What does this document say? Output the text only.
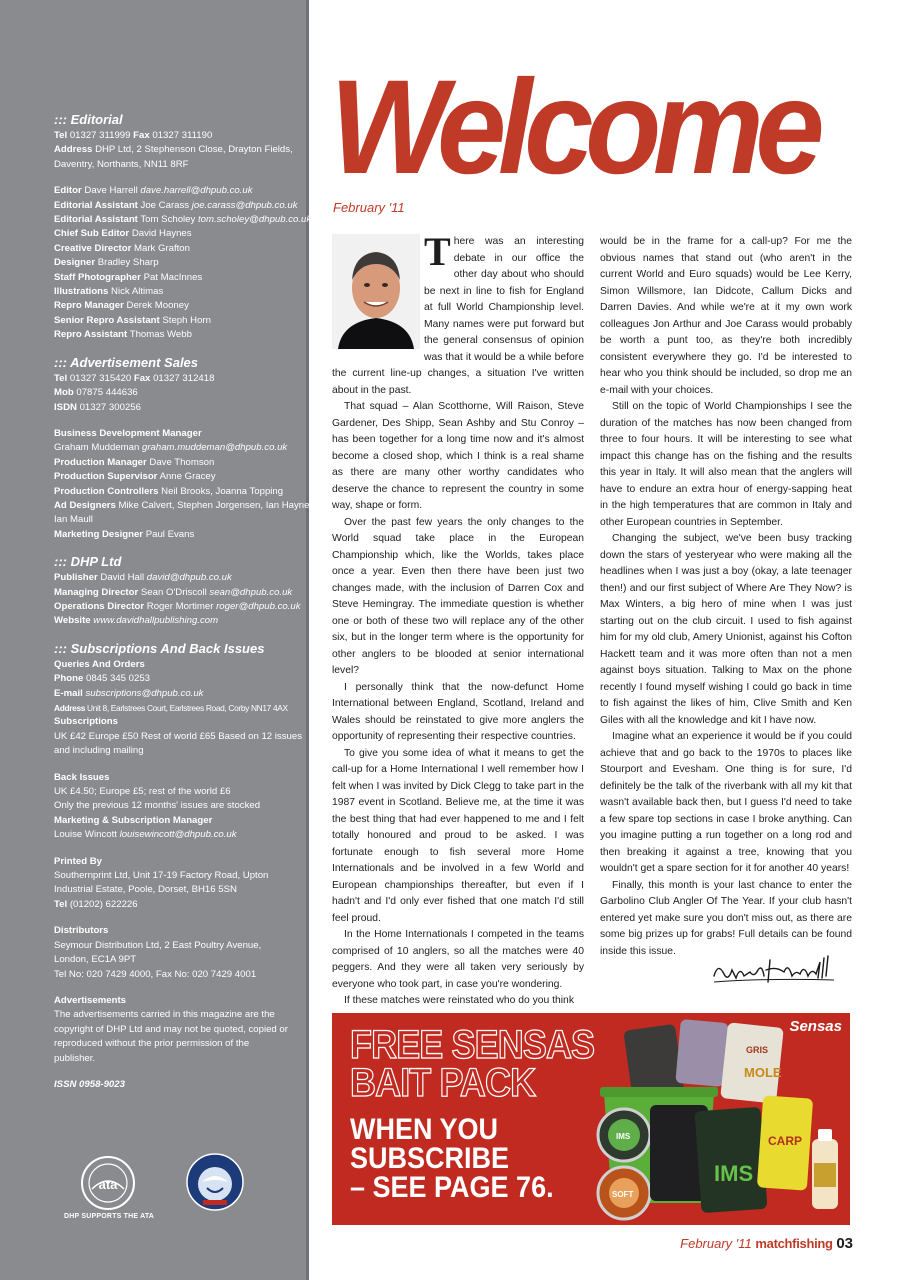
::: Editorial
Tel 01327 311999 Fax 01327 311190
Address DHP Ltd, 2 Stephenson Close, Drayton Fields,
Daventry, Northants, NN11 8RF
Editor Dave Harrell dave.harrell@dhpub.co.uk
Editorial Assistant Joe Carass joe.carass@dhpub.co.uk
Editorial Assistant Tom Scholey tom.scholey@dhpub.co.uk
Chief Sub Editor David Haynes
Creative Director Mark Grafton
Designer Bradley Sharp
Staff Photographer Pat MacInnes
Illustrations Nick Altimas
Repro Manager Derek Mooney
Senior Repro Assistant Steph Horn
Repro Assistant Thomas Webb
::: Advertisement Sales
Tel 01327 315420 Fax 01327 312418
Mob 07875 444636
ISDN 01327 300256
Business Development Manager
Graham Muddeman graham.muddeman@dhpub.co.uk
Production Manager Dave Thomson
Production Supervisor Anne Gracey
Production Controllers Neil Brooks, Joanna Topping
Ad Designers Mike Calvert, Stephen Jorgensen, Ian Haynes,
Ian Maull
Marketing Designer Paul Evans
::: DHP Ltd
Publisher David Hall david@dhpub.co.uk
Managing Director Sean O'Driscoll sean@dhpub.co.uk
Operations Director Roger Mortimer roger@dhpub.co.uk
Website www.davidhallpublishing.com
::: Subscriptions And Back Issues
Queries And Orders
Phone 0845 345 0253
E-mail subscriptions@dhpub.co.uk
Address Unit 8, Earlstrees Court, Earlstrees Road, Corby NN17 4AX
Subscriptions
UK £42 Europe £50 Rest of world £65 Based on 12 issues
and including mailing
Back Issues
UK £4.50; Europe £5; rest of the world £6
Only the previous 12 months' issues are stocked
Marketing & Subscription Manager
Louise Wincott louisewincott@dhpub.co.uk
Printed By
Southernprint Ltd, Unit 17-19 Factory Road, Upton
Industrial Estate, Poole, Dorset, BH16 5SN
Tel (01202) 622226
Distributors
Seymour Distribution Ltd, 2 East Poultry Avenue,
London, EC1A 9PT
Tel No: 020 7429 4000, Fax No: 020 7429 4001
Advertisements
The advertisements carried in this magazine are the copyright of DHP Ltd and may not be quoted, copied or reproduced without the prior permission of the publisher.
ISSN 0958-9023
ata
DHP SUPPORTS THE ATA
Welcome
February '11
T here was an interesting debate in our office the other day about who should be next in line to fish for England at full World Championship level. Many names were put forward but the general consensus of opinion was that it would be a while before the current line-up changes, a situation I've written about in the past.

That squad – Alan Scotthorne, Will Raison, Steve Gardener, Des Shipp, Sean Ashby and Stu Conroy – has been together for a long time now and it's almost become a closed shop, which I think is a real shame as there are many other worthy candidates who deserve the chance to represent the country in some way, shape or form.

Over the past few years the only changes to the World squad take place in the European Championship which, like the Worlds, takes place once a year. Even then there have been just two changes made, with the inclusion of Darren Cox and Steve Hemingray. The immediate question is whether one or both of these two will replace any of the other six, but in the longer term where is the opportunity for other anglers to be blooded at senior international level?

I personally think that the now-defunct Home International between England, Scotland, Ireland and Wales should be reinstated to give more anglers the opportunity of representing their respective countries.

To give you some idea of what it means to get the call-up for a Home International I well remember how I felt when I was invited by Dick Clegg to take part in the 1987 event in Scotland. Believe me, at the time it was the best thing that had ever happened to me and I felt totally honoured and proud to be asked. I was fortunate enough to fish several more Home Internationals and be involved in a few World and European championships thereafter, but even if I hadn't and I'd only ever fished that one match I'd still feel proud.

In the Home Internationals I competed in the teams comprised of 10 anglers, so all the matches were 40 peggers. And they were all taken very seriously by everyone who took part, in case you're wondering.

If these matches were reinstated who do you think

would be in the frame for a call-up? For me the obvious names that stand out (who aren't in the current World and Euro squads) would be Lee Kerry, Simon Willsmore, Ian Didcote, Callum Dicks and Darren Davies. And while we're at it my own work colleagues Jon Arthur and Joe Carass would probably be worth a punt too, as they're both incredibly consistent everywhere they go. I'd be interested to hear who you think should be included, so drop me an e-mail with your choices.

Still on the topic of World Championships I see the duration of the matches has now been changed from three to four hours. It will be interesting to see what impact this change has on the fishing and the results this year in Italy. It will also mean that the anglers will have to endure an extra hour of energy-sapping heat in the high temperatures that are common in Italy and other European countries in September.

Changing the subject, we've been busy tracking down the stars of yesteryear who were making all the headlines when I was just a boy (okay, a late teenager then!) and our first subject of Where Are They Now? is Max Winters, a big hero of mine when I was just starting out on the club circuit. I used to fish against him for my old club, Amery Unionist, against his Cofton Hackett team and it was more often than not a men against boys situation. Talking to Max on the phone recently I found myself wishing I could go back in time to fish against the likes of him, Clive Smith and Ken Giles with all the knowledge and kit I have now.

Imagine what an experience it would be if you could achieve that and go back to the 1970s to places like Stourport and Evesham. One thing is for sure, I'd definitely be the talk of the riverbank with all my kit that wasn't available back then, but I guess I'd need to take a few spare top sections in case I broke anything. Can you imagine putting a run together on a long rod and then breaking it against a tree, knowing that you wouldn't get a spare section for it for another 40 years!

Finally, this month is your last chance to enter the Garbolino Club Angler Of The Year. If your club hasn't entered yet make sure you don't miss out, as there are some big prizes up for grabs! Full details can be found inside this issue.

Sensas
FREE SENSAS
BAIT PACK
WHEN YOU
SUBSCRIBE
– SEE PAGE 76.
GRIS
MOLE
IMS	CARP
SOFT
IMS
February '11 matchfishing 03
